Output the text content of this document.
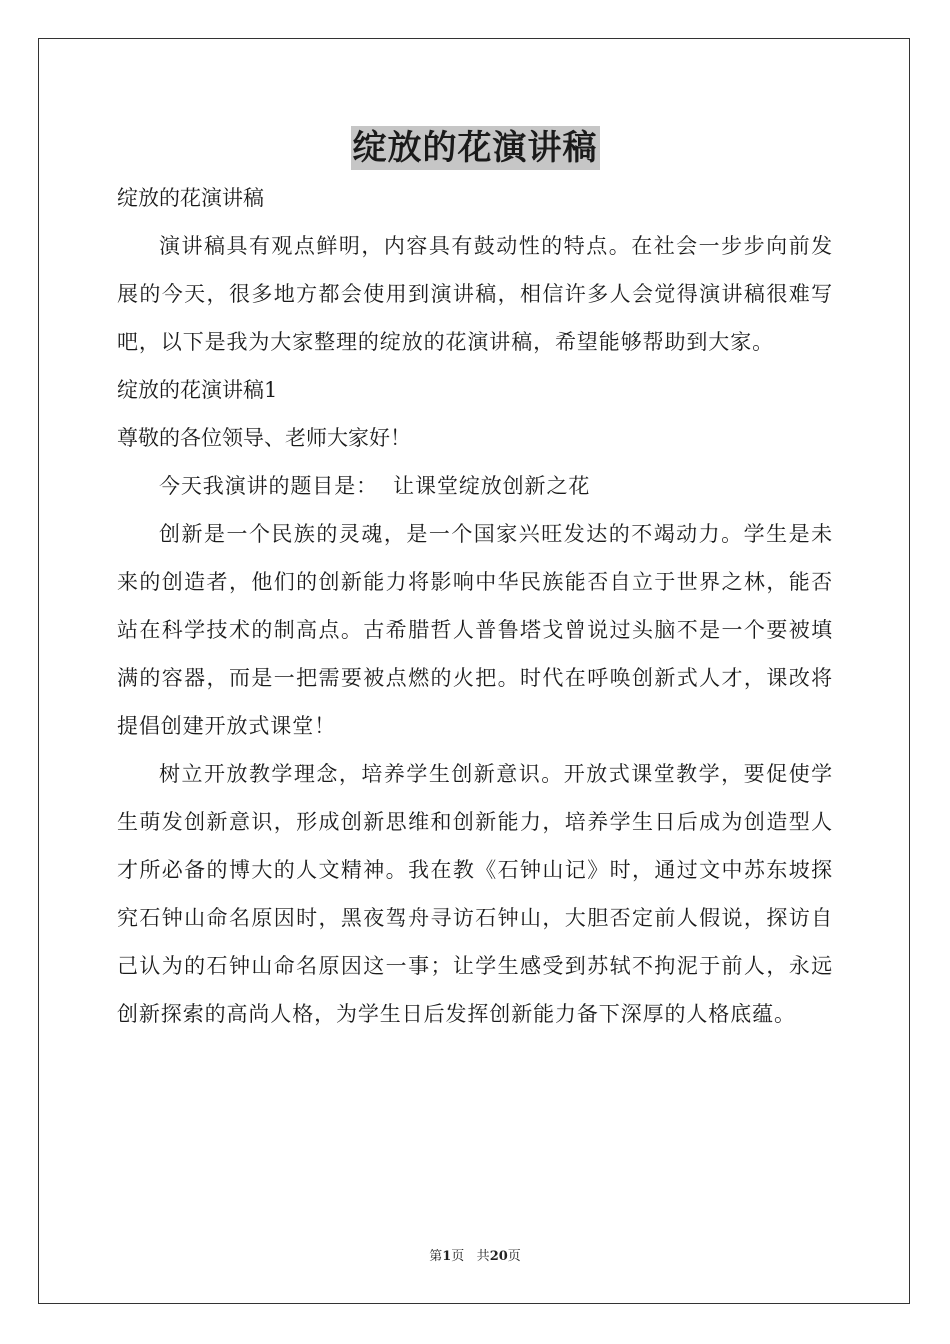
绽放的花演讲稿

绽放的花演讲稿

演讲稿具有观点鲜明，内容具有鼓动性的特点。在社会一步步向前发展的今天，很多地方都会使用到演讲稿，相信许多人会觉得演讲稿很难写吧，以下是我为大家整理的绽放的花演讲稿，希望能够帮助到大家。

绽放的花演讲稿1

尊敬的各位领导、老师大家好！

今天我演讲的题目是：  让课堂绽放创新之花

创新是一个民族的灵魂，是一个国家兴旺发达的不竭动力。学生是未来的创造者，他们的创新能力将影响中华民族能否自立于世界之林，能否站在科学技术的制高点。古希腊哲人普鲁塔戈曾说过头脑不是一个要被填满的容器，而是一把需要被点燃的火把。时代在呼唤创新式人才，课改将提倡创建开放式课堂！

树立开放教学理念，培养学生创新意识。开放式课堂教学，要促使学生萌发创新意识，形成创新思维和创新能力，培养学生日后成为创造型人才所必备的博大的人文精神。我在教《石钟山记》时，通过文中苏东坡探究石钟山命名原因时，黑夜驾舟寻访石钟山，大胆否定前人假说，探访自己认为的石钟山命名原因这一事；让学生感受到苏轼不拘泥于前人，永远创新探索的高尚人格，为学生日后发挥创新能力备下深厚的人格底蕴。

第1页 共20页
